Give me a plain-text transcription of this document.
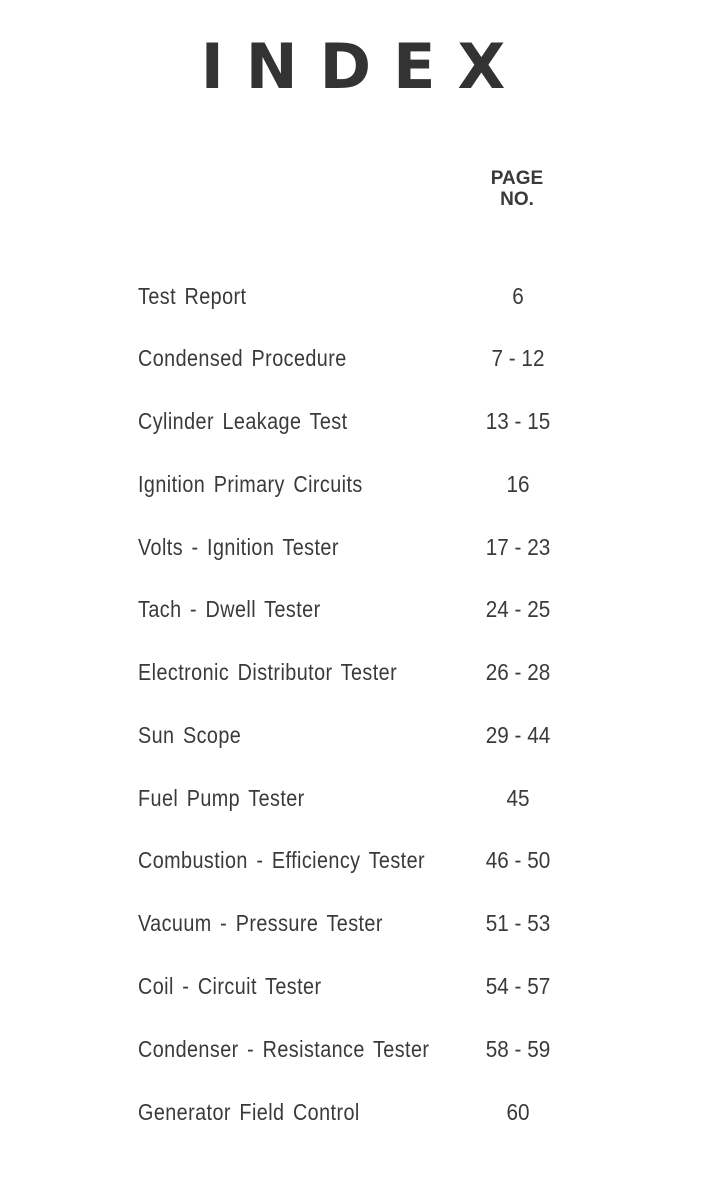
INDEX
PAGE
NO.
Test Report	6
Condensed Procedure	7 - 12
Cylinder Leakage Test	13 - 15
Ignition Primary Circuits	16
Volts - Ignition Tester	17 - 23
Tach - Dwell Tester	24 - 25
Electronic Distributor Tester	26 - 28
Sun Scope	29 - 44
Fuel Pump Tester	45
Combustion - Efficiency Tester	46 - 50
Vacuum - Pressure Tester	51 - 53
Coil - Circuit Tester	54 - 57
Condenser - Resistance Tester	58 - 59
Generator Field Control	60
